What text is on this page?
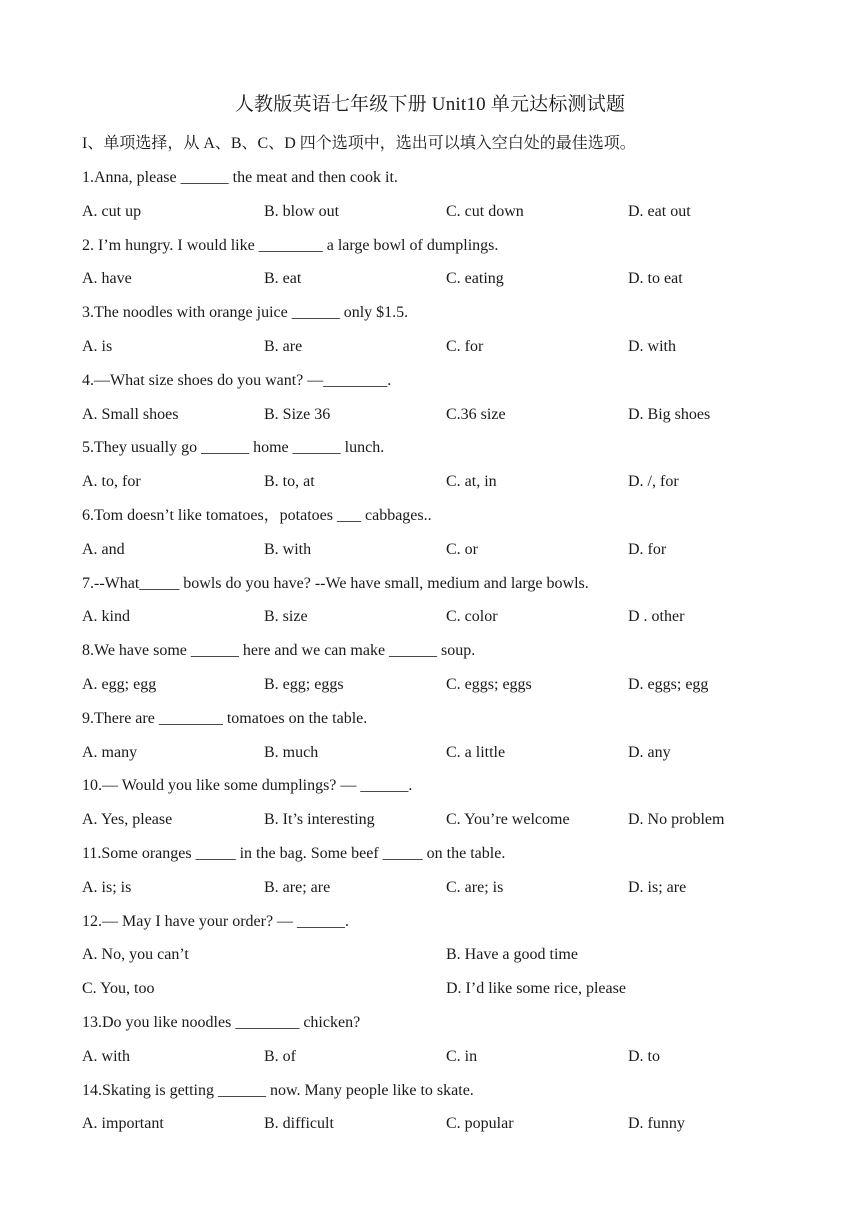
人教版英语七年级下册 Unit10 单元达标测试题
I、单项选择，从 A、B、C、D 四个选项中，选出可以填入空白处的最佳选项。
1.Anna, please ______ the meat and then cook it.
A. cut up	B. blow out	C. cut down	D. eat out
2. I’m hungry. I would like ________ a large bowl of dumplings.
A. have	B. eat	C. eating	D. to eat
3.The noodles with orange juice ______ only $1.5.
A. is	B. are	C. for	D. with
4.—What size shoes do you want? —________.
A. Small shoes	B. Size 36	C.36 size	D. Big shoes
5.They usually go ______ home ______ lunch.
A. to, for	B. to, at	C. at, in	D. /, for
6.Tom doesn’t like tomatoes，potatoes ___ cabbages..
A. and	B. with	C. or	D. for
7.--What_____ bowls do you have? --We have small, medium and large bowls.
A. kind	B. size	C. color	D . other
8.We have some ______ here and we can make ______ soup.
A. egg; egg	B. egg; eggs	C. eggs; eggs	D. eggs; egg
9.There are ________ tomatoes on the table.
A. many	B. much	C. a little	D. any
10.— Would you like some dumplings? — ______.
A. Yes, please	B. It’s interesting	C. You’re welcome	D. No problem
11.Some oranges _____ in the bag. Some beef _____ on the table.
A. is; is	B. are; are	C. are; is	D. is; are
12.— May I have your order? — ______.
A. No, you can’t	B. Have a good time
C. You, too	D. I’d like some rice, please
13.Do you like noodles ________ chicken?
A. with	B. of	C. in	D. to
14.Skating is getting ______ now. Many people like to skate.
A. important	B. difficult	C. popular	D. funny
